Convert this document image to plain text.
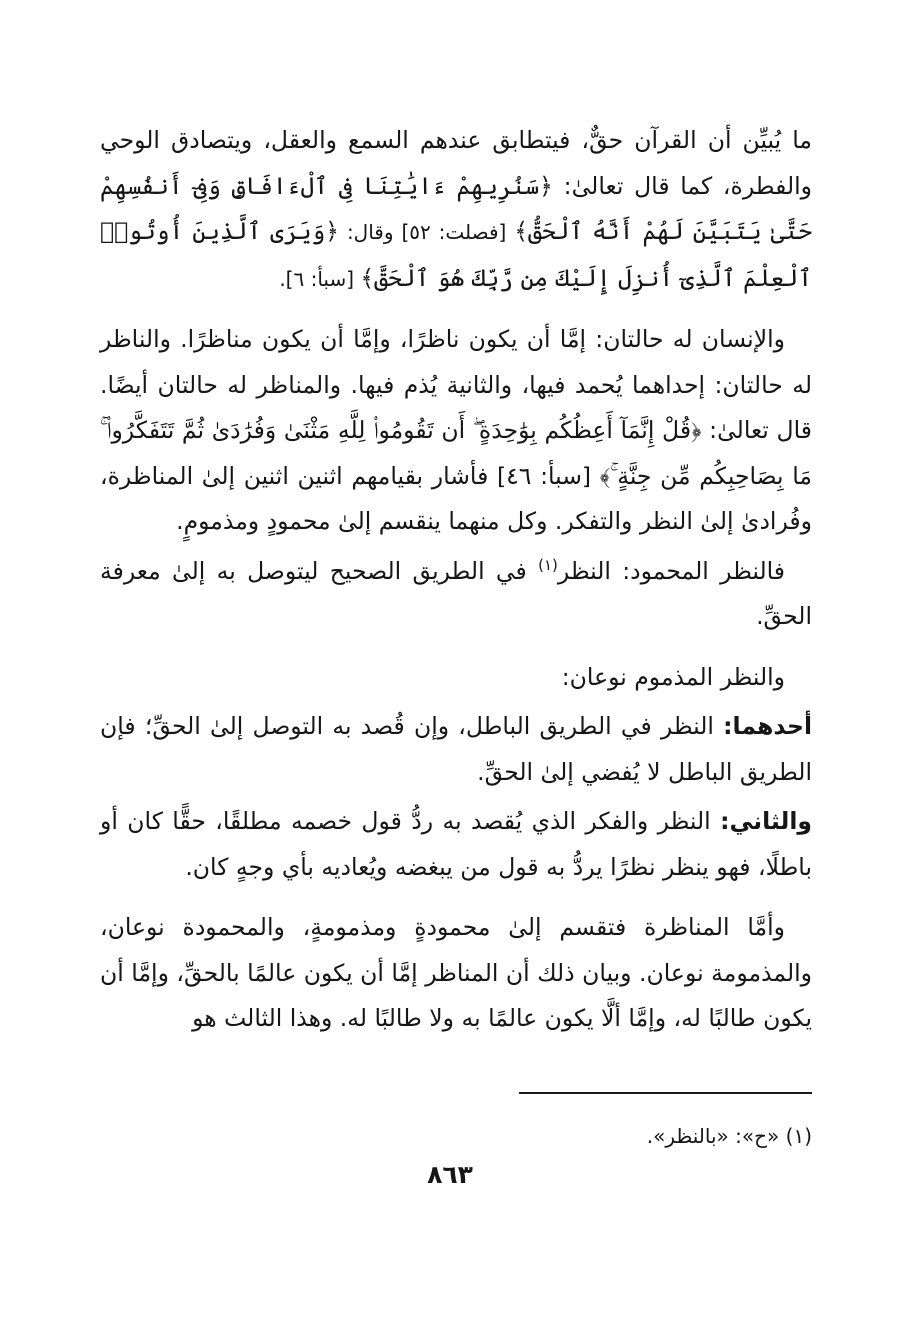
ما يُبيِّن أن القرآن حقٌّ، فيتطابق عندهم السمع والعقل، ويتصادق الوحي والفطرة، كما قال تعالىٰ: ﴿سَنُرِيهِمْ ءَايَٰتِنَا فِى ٱلْءَافَاقِ وَفِىٓ أَنفُسِهِمْ حَتَّىٰ يَتَبَيَّنَ لَهُمْ أَنَّهُ ٱلْحَقُّ﴾ [فصلت: ٥٢] وقال: ﴿وَيَرَى ٱلَّذِينَ أُوتُوا۟ ٱلْعِلْمَ ٱلَّذِىٓ أُنزِلَ إِلَيْكَ مِن رَّبِّكَ هُوَ ٱلْحَقَّ﴾ [سبأ: ٦].

والإنسان له حالتان: إمَّا أن يكون ناظرًا، وإمَّا أن يكون مناظرًا. والناظر له حالتان: إحداهما يُحمد فيها، والثانية يُذم فيها. والمناظر له حالتان أيضًا. قال تعالىٰ: ﴿قُلْ إِنَّمَآ أَعِظُكُم بِوَٰحِدَةٍ ۖ أَن تَقُومُوا۟ لِلَّهِ مَثْنَىٰ وَفُرَٰدَىٰ ثُمَّ تَتَفَكَّرُوا۟ ۚ مَا بِصَاحِبِكُم مِّن جِنَّةٍ ۚ﴾ [سبأ: ٤٦] فأشار بقيامهم اثنين اثنين إلىٰ المناظرة، وفُرادىٰ إلىٰ النظر والتفكر. وكل منهما ينقسم إلىٰ محمودٍ ومذمومٍ.

فالنظر المحمود: النظر$^{(١)}$ في الطريق الصحيح ليتوصل به إلىٰ معرفة الحقِّ.

والنظر المذموم نوعان:

أحدهما: النظر في الطريق الباطل، وإن قُصد به التوصل إلىٰ الحقِّ؛ فإن الطريق الباطل لا يُفضي إلىٰ الحقِّ.

والثاني: النظر والفكر الذي يُقصد به ردُّ قول خصمه مطلقًا، حقًّا كان أو باطلًا، فهو ينظر نظرًا يردُّ به قول من يبغضه ويُعاديه بأي وجهٍ كان.

وأمَّا المناظرة فتقسم إلىٰ محمودةٍ ومذمومةٍ، والمحمودة نوعان، والمذمومة نوعان. وبيان ذلك أن المناظر إمَّا أن يكون عالمًا بالحقِّ، وإمَّا أن يكون طالبًا له، وإمَّا ألَّا يكون عالمًا به ولا طالبًا له. وهذا الثالث هو

(١) «ح»: «بالنظر».
٨٦٣
